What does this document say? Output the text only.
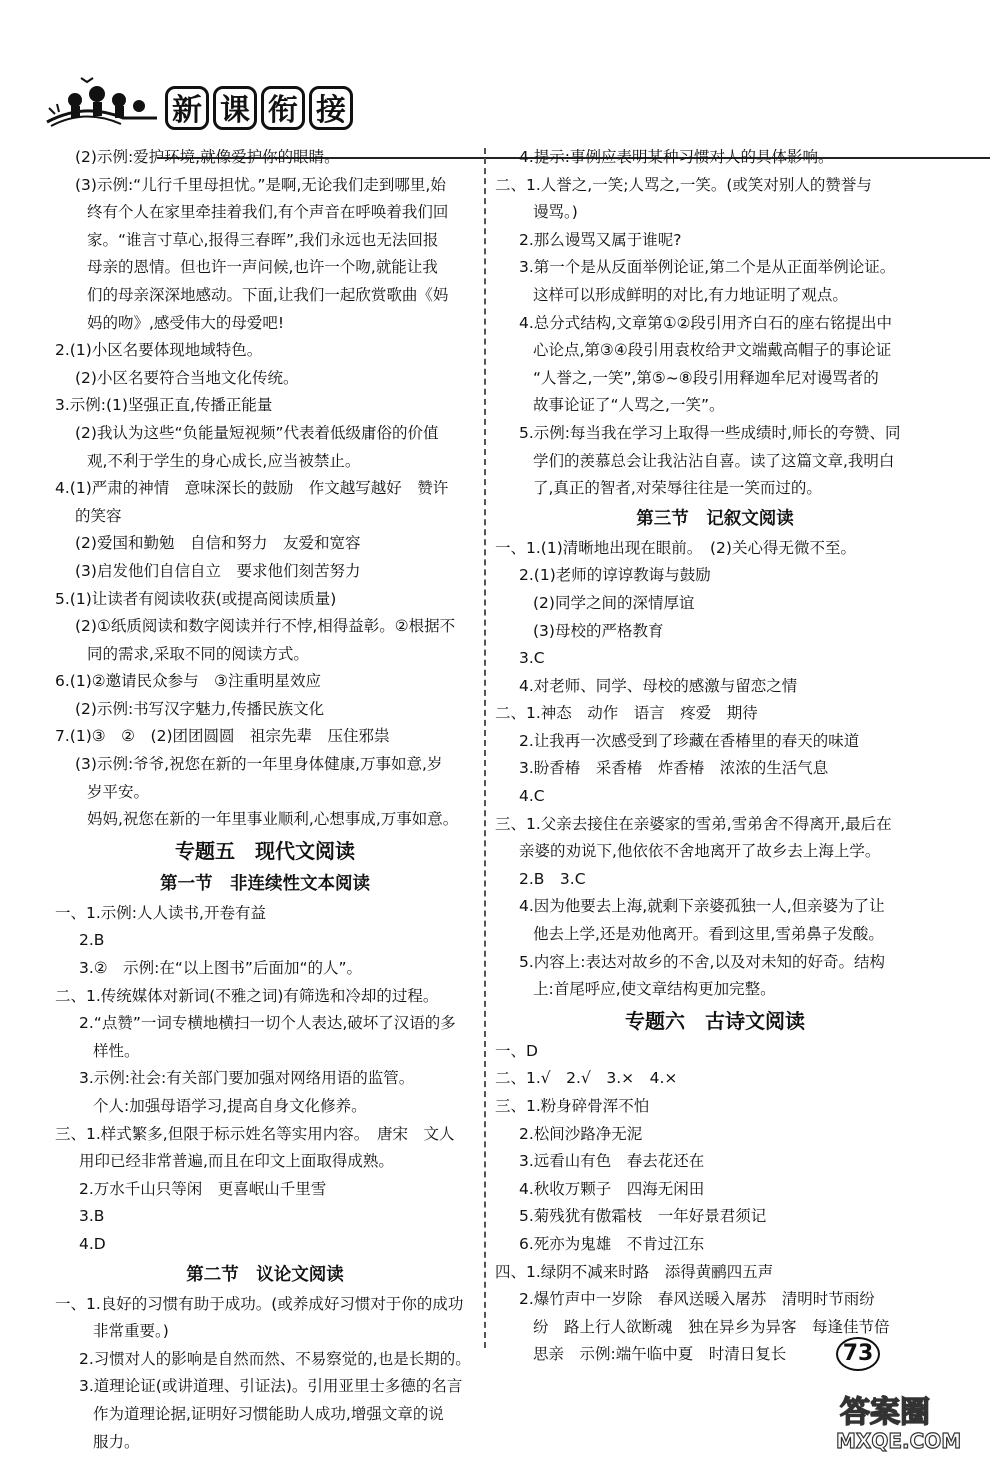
新 课 衔 接
(2)示例:爱护环境,就像爱护你的眼睛。
(3)示例:“儿行千里母担忧。”是啊,无论我们走到哪里,始
终有个人在家里牵挂着我们,有个声音在呼唤着我们回
家。“谁言寸草心,报得三春晖”,我们永远也无法回报
母亲的恩情。但也许一声问候,也许一个吻,就能让我
们的母亲深深地感动。下面,让我们一起欣赏歌曲《妈
妈的吻》,感受伟大的母爱吧!
2.(1)小区名要体现地域特色。
(2)小区名要符合当地文化传统。
3.示例:(1)坚强正直,传播正能量
(2)我认为这些“负能量短视频”代表着低级庸俗的价值
观,不利于学生的身心成长,应当被禁止。
4.(1)严肃的神情　意味深长的鼓励　作文越写越好　赞许
的笑容
(2)爱国和勤勉　自信和努力　友爱和宽容
(3)启发他们自信自立　要求他们刻苦努力
5.(1)让读者有阅读收获(或提高阅读质量)
(2)①纸质阅读和数字阅读并行不悖,相得益彰。②根据不
同的需求,采取不同的阅读方式。
6.(1)②邀请民众参与　③注重明星效应
(2)示例:书写汉字魅力,传播民族文化
7.(1)③　②　(2)团团圆圆　祖宗先辈　压住邪祟
(3)示例:爷爷,祝您在新的一年里身体健康,万事如意,岁
岁平安。
妈妈,祝您在新的一年里事业顺利,心想事成,万事如意。
专题五　现代文阅读
第一节　非连续性文本阅读
一、1.示例:人人读书,开卷有益
2.B
3.②　示例:在“以上图书”后面加“的人”。
二、1.传统媒体对新词(不雅之词)有筛选和冷却的过程。
2.“点赞”一词专横地横扫一切个人表达,破坏了汉语的多
样性。
3.示例:社会:有关部门要加强对网络用语的监管。
个人:加强母语学习,提高自身文化修养。
三、1.样式繁多,但限于标示姓名等实用内容。　唐宋　文人
用印已经非常普遍,而且在印文上面取得成熟。
2.万水千山只等闲　更喜岷山千里雪
3.B
4.D
第二节　议论文阅读
一、1.良好的习惯有助于成功。(或养成好习惯对于你的成功
非常重要。)
2.习惯对人的影响是自然而然、不易察觉的,也是长期的。
3.道理论证(或讲道理、引证法)。引用亚里士多德的名言
作为道理论据,证明好习惯能助人成功,增强文章的说
服力。
4.提示:事例应表明某种习惯对人的具体影响。
二、1.人誉之,一笑;人骂之,一笑。(或笑对别人的赞誉与
谩骂。)
2.那么谩骂又属于谁呢?
3.第一个是从反面举例论证,第二个是从正面举例论证。
这样可以形成鲜明的对比,有力地证明了观点。
4.总分式结构,文章第①②段引用齐白石的座右铭提出中
心论点,第③④段引用袁枚给尹文端戴高帽子的事论证
“人誉之,一笑”,第⑤~⑧段引用释迦牟尼对谩骂者的
故事论证了“人骂之,一笑”。
5.示例:每当我在学习上取得一些成绩时,师长的夸赞、同
学们的羡慕总会让我沾沾自喜。读了这篇文章,我明白
了,真正的智者,对荣辱往往是一笑而过的。
第三节　记叙文阅读
一、1.(1)清晰地出现在眼前。　(2)关心得无微不至。
2.(1)老师的谆谆教诲与鼓励
(2)同学之间的深情厚谊
(3)母校的严格教育
3.C
4.对老师、同学、母校的感激与留恋之情
二、1.神态　动作　语言　疼爱　期待
2.让我再一次感受到了珍藏在香椿里的春天的味道
3.盼香椿　采香椿　炸香椿　浓浓的生活气息
4.C
三、1.父亲去接住在亲婆家的雪弟,雪弟舍不得离开,最后在
亲婆的劝说下,他依依不舍地离开了故乡去上海上学。
2.B　3.C
4.因为他要去上海,就剩下亲婆孤独一人,但亲婆为了让
他去上学,还是劝他离开。看到这里,雪弟鼻子发酸。
5.内容上:表达对故乡的不舍,以及对未知的好奇。结构
上:首尾呼应,使文章结构更加完整。
专题六　古诗文阅读
一、D
二、1.√　2.√　3.×　4.×
三、1.粉身碎骨浑不怕
2.松间沙路净无泥
3.远看山有色　春去花还在
4.秋收万颗子　四海无闲田
5.菊残犹有傲霜枝　一年好景君须记
6.死亦为鬼雄　不肯过江东
四、1.绿阴不减来时路　添得黄鹂四五声
2.爆竹声中一岁除　春风送暖入屠苏　清明时节雨纷
纷　路上行人欲断魂　独在异乡为异客　每逢佳节倍
思亲　示例:端午临中夏　时清日复长	73
答案圈
MXQE.COM
